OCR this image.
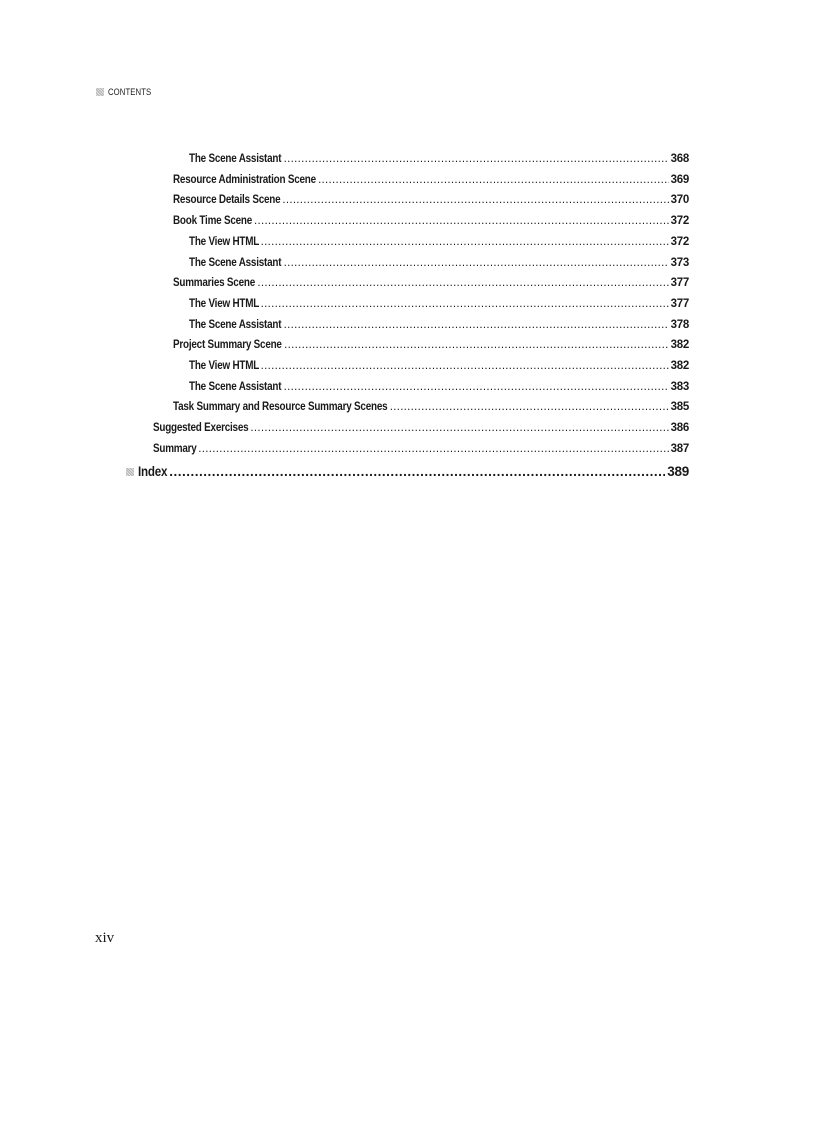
CONTENTS
The Scene Assistant .....	368
Resource Administration Scene .....	369
Resource Details Scene .....	370
Book Time Scene .....	372
The View HTML .....	372
The Scene Assistant .....	373
Summaries Scene .....	377
The View HTML .....	377
The Scene Assistant .....	378
Project Summary Scene .....	382
The View HTML .....	382
The Scene Assistant .....	383
Task Summary and Resource Summary Scenes .....	385
Suggested Exercises .....	386
Summary .....	387
Index .....	389
xiv
